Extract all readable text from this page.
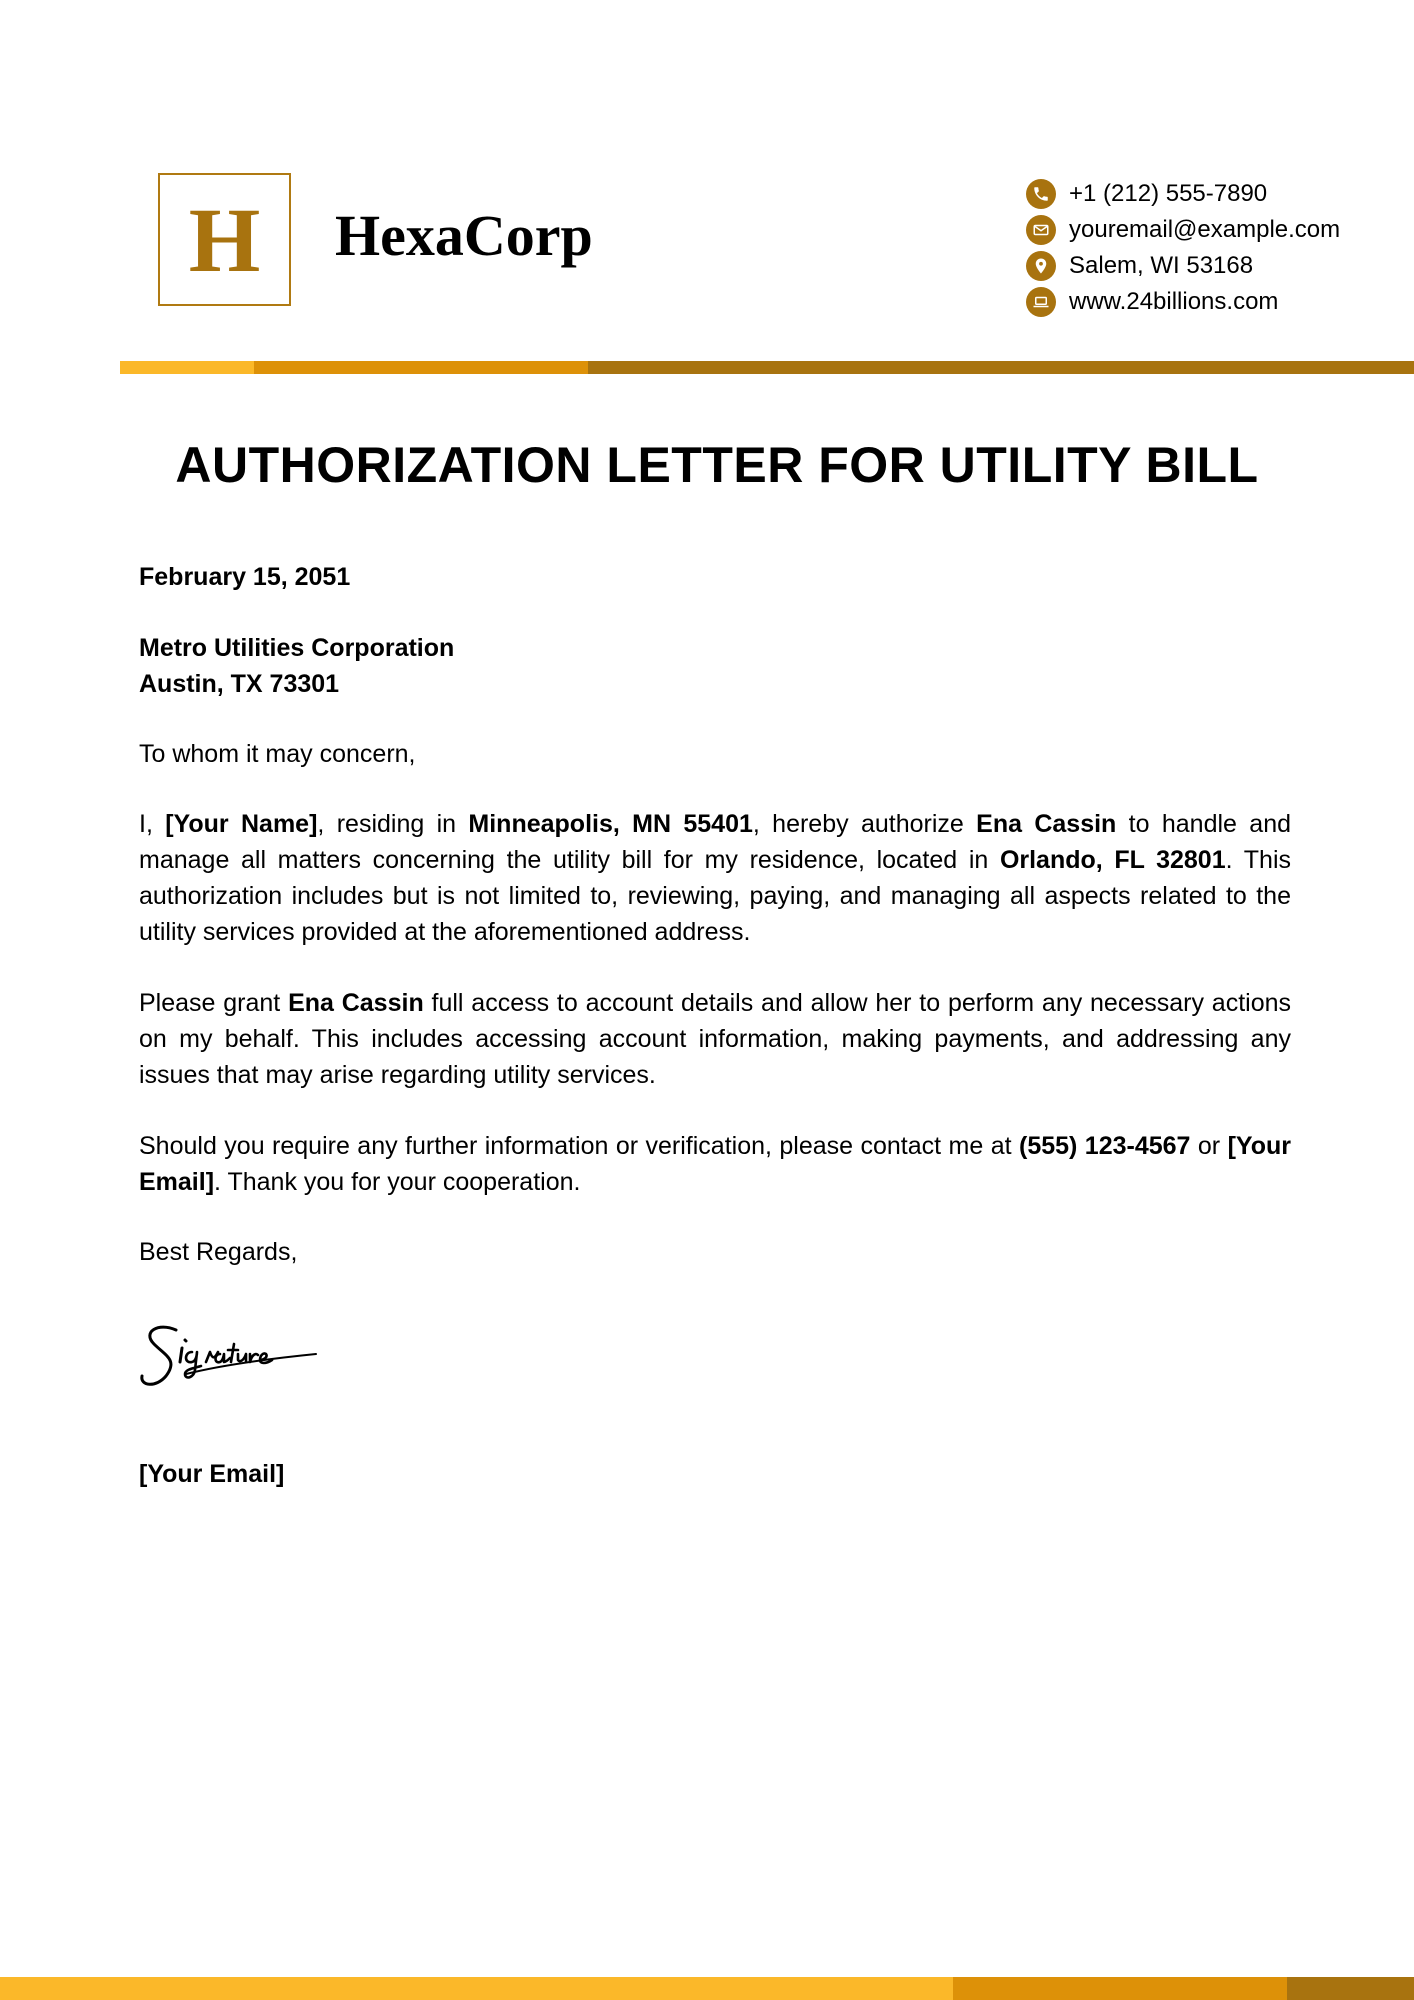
H HexaCorp
+1 (212) 555-7890
youremail@example.com
Salem, WI 53168
www.24billions.com
AUTHORIZATION LETTER FOR UTILITY BILL
February 15, 2051
Metro Utilities Corporation
Austin, TX 73301
To whom it may concern,

I, [Your Name], residing in Minneapolis, MN 55401, hereby authorize Ena Cassin to handle and manage all matters concerning the utility bill for my residence, located in Orlando, FL 32801. This authorization includes but is not limited to, reviewing, paying, and managing all aspects related to the utility services provided at the aforementioned address.

Please grant Ena Cassin full access to account details and allow her to perform any necessary actions on my behalf. This includes accessing account information, making payments, and addressing any issues that may arise regarding utility services.

Should you require any further information or verification, please contact me at (555) 123-4567 or [Your Email]. Thank you for your cooperation.

Best Regards,
[Your Email]
